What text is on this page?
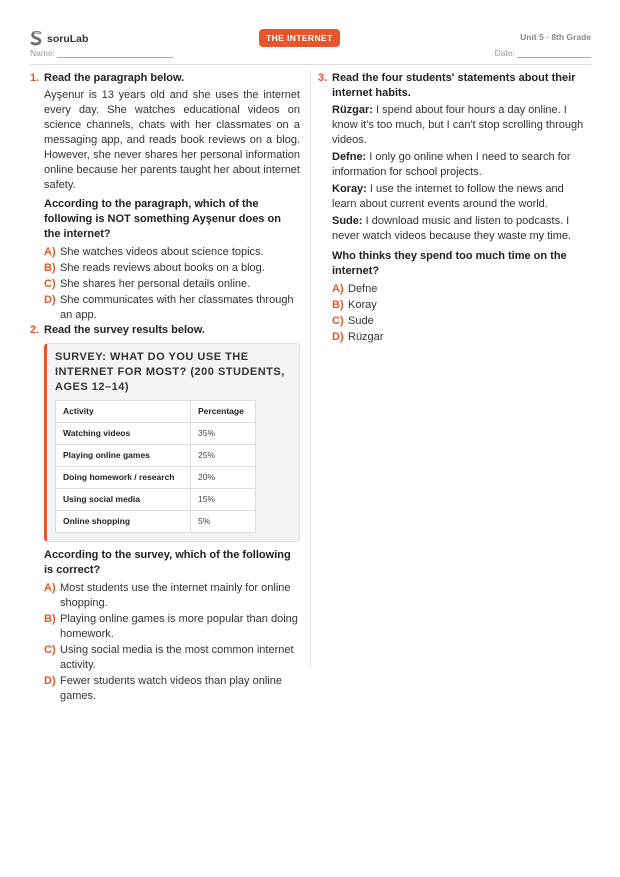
soruLab	THE INTERNET	Unit 5 · 8th Grade
Name:	Date:
1. Read the paragraph below.
Ayşenur is 13 years old and she uses the internet every day. She watches educational videos on science channels, chats with her classmates on a messaging app, and reads book reviews on a blog. However, she never shares her personal information online because her parents taught her about internet safety.
According to the paragraph, which of the following is NOT something Ayşenur does on the internet?
A) She watches videos about science topics.
B) She reads reviews about books on a blog.
C) She shares her personal details online.
D) She communicates with her classmates through an app.
2. Read the survey results below.
SURVEY: WHAT DO YOU USE THE INTERNET FOR MOST? (200 STUDENTS, AGES 12–14)
Activity	Percentage
Watching videos	35%
Playing online games	25%
Doing homework / research	20%
Using social media	15%
Online shopping	5%
According to the survey, which of the following is correct?
A) Most students use the internet mainly for online shopping.
B) Playing online games is more popular than doing homework.
C) Using social media is the most common internet activity.
D) Fewer students watch videos than play online games.
3. Read the four students' statements about their internet habits.
Rüzgar: I spend about four hours a day online. I know it's too much, but I can't stop scrolling through videos.
Defne: I only go online when I need to search for information for school projects.
Koray: I use the internet to follow the news and learn about current events around the world.
Sude: I download music and listen to podcasts. I never watch videos because they waste my time.
Who thinks they spend too much time on the internet?
A) Defne
B) Koray
C) Sude
D) Rüzgar
